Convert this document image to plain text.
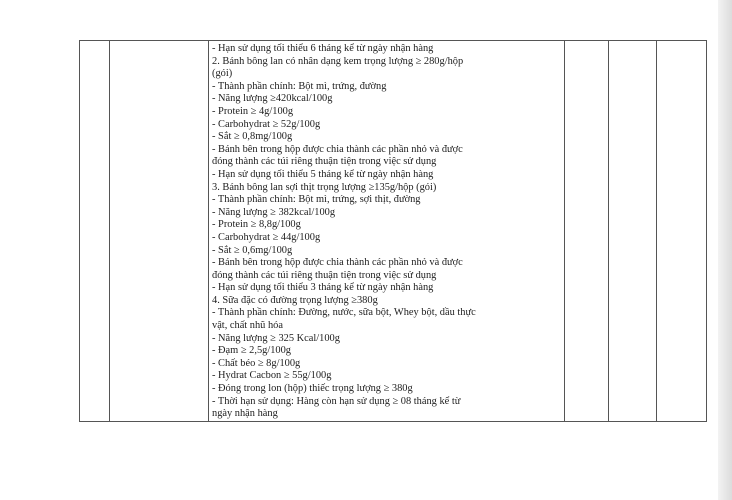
- Hạn sử dụng tối thiểu 6 tháng kể từ ngày nhận hàng
2. Bánh bông lan có nhân dạng kem trọng lượng ≥ 280g/hộp
(gói)
- Thành phần chính: Bột mì, trứng, đường
- Năng lượng ≥420kcal/100g
- Protein ≥ 4g/100g
- Carbohydrat ≥ 52g/100g
- Sắt ≥ 0,8mg/100g
- Bánh bên trong hộp được chia thành các phần nhỏ và được
đóng thành các túi riêng thuận tiện trong việc sử dụng
- Hạn sử dụng tối thiểu 5 tháng kể từ ngày nhận hàng
3. Bánh bông lan sợi thịt trọng lượng ≥135g/hộp (gói)
- Thành phần chính: Bột mì, trứng, sợi thịt, đường
- Năng lượng ≥ 382kcal/100g
- Protein ≥ 8,8g/100g
- Carbohydrat ≥ 44g/100g
- Sắt ≥ 0,6mg/100g
- Bánh bên trong hộp được chia thành các phần nhỏ và được
đóng thành các túi riêng thuận tiện trong việc sử dụng
- Hạn sử dụng tối thiểu 3 tháng kể từ ngày nhận hàng
4. Sữa đặc có đường trọng lượng ≥380g
- Thành phần chính: Đường, nước, sữa bột, Whey bột, dầu thực
vật, chất nhũ hóa
- Năng lượng ≥ 325 Kcal/100g
- Đạm ≥ 2,5g/100g
- Chất béo ≥ 8g/100g
- Hydrat Cacbon ≥ 55g/100g
- Đóng trong lon (hộp) thiếc trọng lượng ≥ 380g
- Thời hạn sử dụng: Hàng còn hạn sử dụng ≥ 08 tháng kể từ
ngày nhận hàng
